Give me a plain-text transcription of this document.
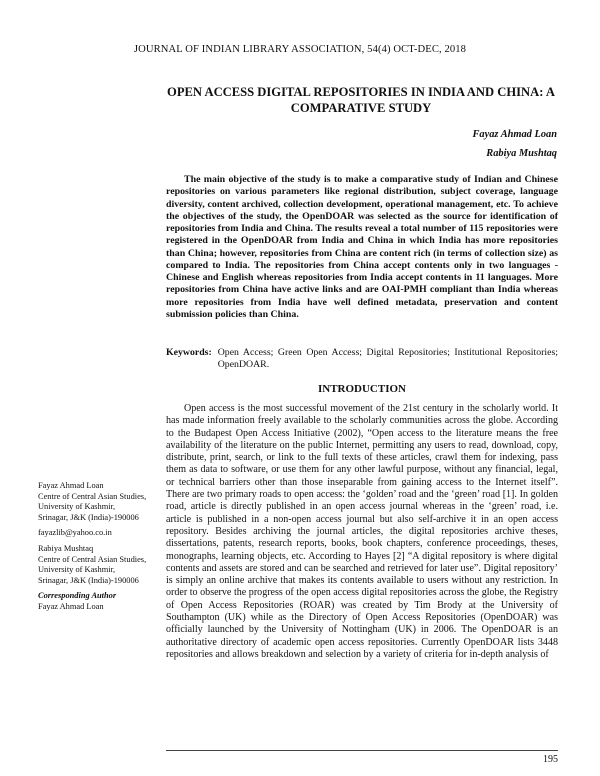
JOURNAL OF INDIAN LIBRARY ASSOCIATION, 54(4) OCT-DEC, 2018
OPEN ACCESS DIGITAL REPOSITORIES IN INDIA AND CHINA: A COMPARATIVE STUDY

Fayaz Ahmad Loan

Rabiya Mushtaq

The main objective of the study is to make a comparative study of Indian and Chinese repositories on various parameters like regional distribution, subject coverage, language diversity, content archived, collection development, operational management, etc. To achieve the objectives of the study, the OpenDOAR was selected as the source for identification of repositories from India and China. The results reveal a total number of 115 repositories were registered in the OpenDOAR from India and China in which India has more repositories than China; however, repositories from China are content rich (in terms of collection size) as compared to India. The repositories from China accept contents only in two languages - Chinese and English whereas repositories from India accept contents in 11 languages. More repositories from China have active links and are OAI-PMH compliant than India whereas more repositories from India have well defined metadata, preservation and content submission policies than China.

Keywords: Open Access; Green Open Access; Digital Repositories; Institutional Repositories; OpenDOAR.
INTRODUCTION

Open access is the most successful movement of the 21st century in the scholarly world. It has made information freely available to the scholarly communities across the globe. According to the Budapest Open Access Initiative (2002), “Open access to the literature means the free availability of the literature on the public Internet, permitting any users to read, download, copy, distribute, print, search, or link to the full texts of these articles, crawl them for indexing, pass them as data to software, or use them for any other lawful purpose, without any financial, legal, or technical barriers other than those inseparable from gaining access to the Internet itself”. There are two primary roads to open access: the ‘golden’ road and the ‘green’ road [1]. In golden road, article is directly published in an open access journal whereas in the ‘green’ road, i.e. article is published in a non-open access journal but also self-archive it in an open access repository. Besides archiving the journal articles, the digital repositories archive theses, dissertations, patents, research reports, books, book chapters, conference proceedings, theses, monographs, learning objects, etc. According to Hayes [2] “A digital repository is where digital contents and assets are stored and can be searched and retrieved for later use”. Digital repository’ is simply an online archive that makes its contents available to users without any restriction. In order to observe the progress of the open access digital repositories across the globe, the Registry of Open Access Repositories (ROAR) was created by Tim Brody at the University of Southampton (UK) while as the Directory of Open Access Repositories (OpenDOAR) was officially launched by the University of Nottingham (UK) in 2006. The OpenDOAR is an authoritative directory of academic open access repositories. Currently OpenDOAR lists 3448 repositories and allows breakdown and selection by a variety of criteria for in-depth analysis of

Fayaz Ahmad Loan

Centre of Central Asian Studies,

University of Kashmir,

Srinagar, J&K (India)-190006

fayazlib@yahoo.co.in

Rabiya Mushtaq

Centre of Central Asian Studies,

University of Kashmir,

Srinagar, J&K (India)-190006

Corresponding Author

Fayaz Ahmad Loan

195
